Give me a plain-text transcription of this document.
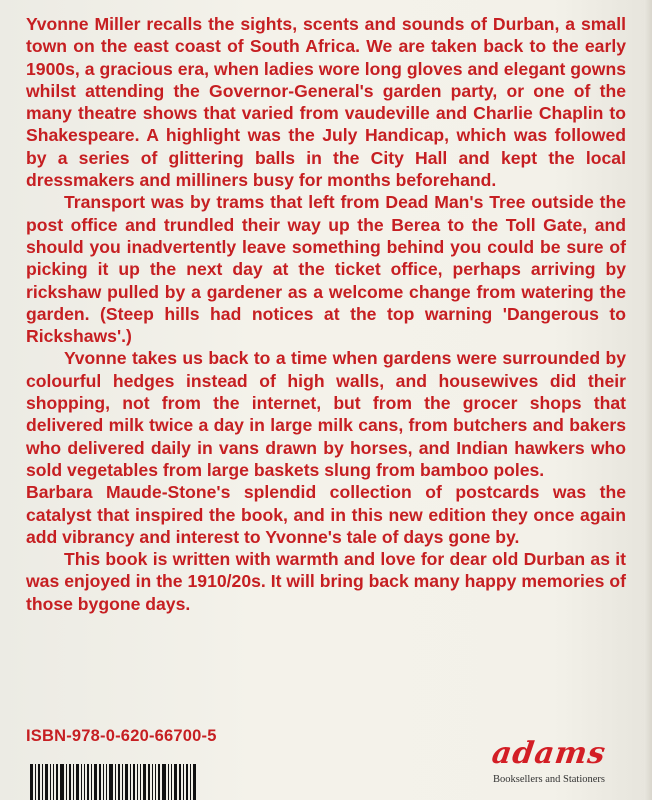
Yvonne Miller recalls the sights, scents and sounds of Durban, a small town on the east coast of South Africa. We are taken back to the early 1900s, a gracious era, when ladies wore long gloves and elegant gowns whilst attending the Governor-General's garden party, or one of the many theatre shows that varied from vaudeville and Charlie Chaplin to Shakespeare. A highlight was the July Handicap, which was followed by a series of glittering balls in the City Hall and kept the local dressmakers and milliners busy for months beforehand.

Transport was by trams that left from Dead Man's Tree outside the post office and trundled their way up the Berea to the Toll Gate, and should you inadvertently leave something behind you could be sure of picking it up the next day at the ticket office, perhaps arriving by rickshaw pulled by a gardener as a welcome change from watering the garden. (Steep hills had notices at the top warning 'Dangerous to Rickshaws'.)

Yvonne takes us back to a time when gardens were surrounded by colourful hedges instead of high walls, and housewives did their shopping, not from the internet, but from the grocer shops that delivered milk twice a day in large milk cans, from butchers and bakers who delivered daily in vans drawn by horses, and Indian hawkers who sold vegetables from large baskets slung from bamboo poles.

Barbara Maude-Stone's splendid collection of postcards was the catalyst that inspired the book, and in this new edition they once again add vibrancy and interest to Yvonne's tale of days gone by.

This book is written with warmth and love for dear old Durban as it was enjoyed in the 1910/20s. It will bring back many happy memories of those bygone days.

ISBN-978-0-620-66700-5	adams
Booksellers and Stationers
